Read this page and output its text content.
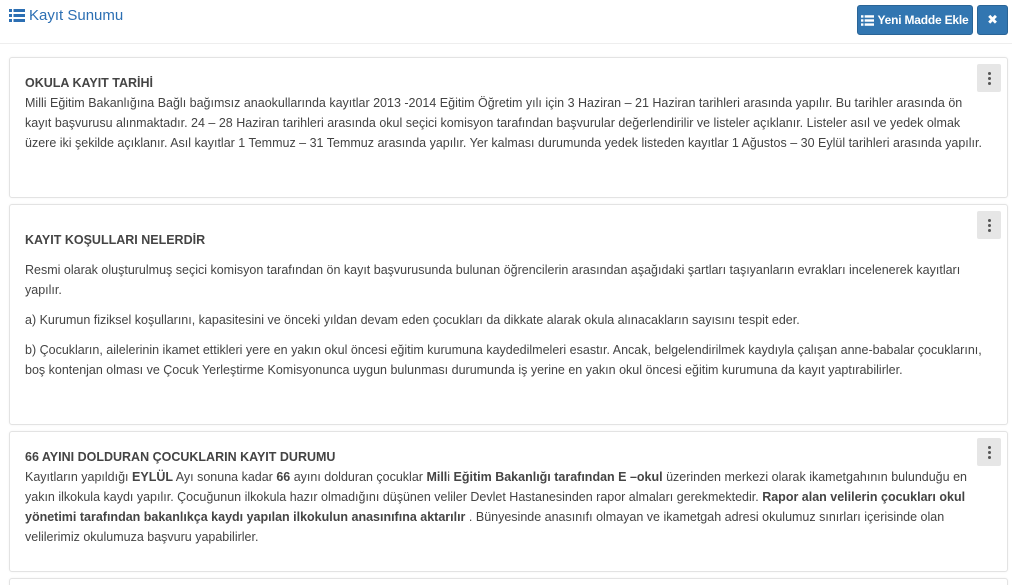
Kayıt Sunumu	Yeni Madde Ekle ✖
OKULA KAYIT TARİHİ

Milli Eğitim Bakanlığına Bağlı bağımsız anaokullarında kayıtlar 2013 -2014 Eğitim Öğretim yılı için 3 Haziran – 21 Haziran tarihleri arasında yapılır. Bu tarihler arasında ön kayıt başvurusu alınmaktadır. 24 – 28 Haziran tarihleri arasında okul seçici komisyon tarafından başvurular değerlendirilir ve listeler açıklanır. Listeler asıl ve yedek olmak üzere iki şekilde açıklanır. Asıl kayıtlar 1 Temmuz – 31 Temmuz arasında yapılır. Yer kalması durumunda yedek listeden kayıtlar 1 Ağustos – 30 Eylül tarihleri arasında yapılır.

KAYIT KOŞULLARI NELERDİR

Resmi olarak oluşturulmuş seçici komisyon tarafından ön kayıt başvurusunda bulunan öğrencilerin arasından aşağıdaki şartları taşıyanların evrakları incelenerek kayıtları yapılır.

a) Kurumun fiziksel koşullarını, kapasitesini ve önceki yıldan devam eden çocukları da dikkate alarak okula alınacakların sayısını tespit eder.

b) Çocukların, ailelerinin ikamet ettikleri yere en yakın okul öncesi eğitim kurumuna kaydedilmeleri esastır. Ancak, belgelendirilmek kaydıyla çalışan anne-babalar çocuklarını, boş kontenjan olması ve Çocuk Yerleştirme Komisyonunca uygun bulunması durumunda iş yerine en yakın okul öncesi eğitim kurumuna da kayıt yaptırabilirler.

66 AYINI DOLDURAN ÇOCUKLARIN KAYIT DURUMU

Kayıtların yapıldığı EYLÜL Ayı sonuna kadar 66 ayını dolduran çocuklar Milli Eğitim Bakanlığı tarafından E –okul üzerinden merkezi olarak ikametgahının bulunduğu en yakın ilkokula kaydı yapılır. Çocuğunun ilkokula hazır olmadığını düşünen veliler Devlet Hastanesinden rapor almaları gerekmektedir. Rapor alan velilerin çocukları okul yönetimi tarafından bakanlıkça kaydı yapılan ilkokulun anasınıfına aktarılır . Bünyesinde anasınıfı olmayan ve ikametgah adresi okulumuz sınırları içerisinde olan velilerimiz okulumuza başvuru yapabilirler.
